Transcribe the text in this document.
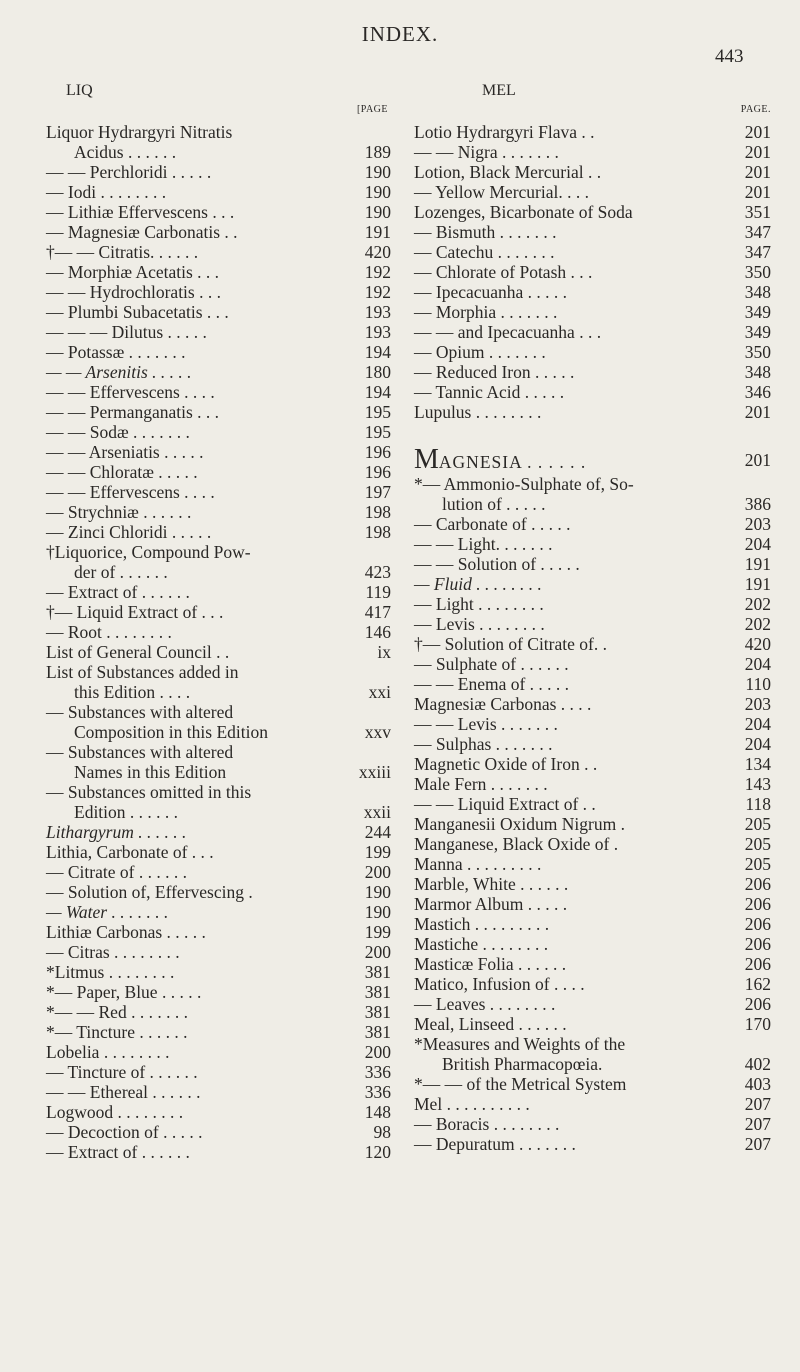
INDEX.
443
LIQ
[PAGE
Liquor Hydrargyri Nitratis
Acidus . . . . . .	189
— — Perchloridi . . . . .	190
— Iodi . . . . . . . .	190
— Lithiæ Effervescens . . .	190
— Magnesiæ Carbonatis . .	191
†— — Citratis. . . . . .	420
— Morphiæ Acetatis . . .	192
— — Hydrochloratis . . .	192
— Plumbi Subacetatis . . .	193
— — — Dilutus . . . . .	193
— Potassæ . . . . . . .	194
— — Arsenitis . . . . .	180
— — Effervescens . . . .	194
— — Permanganatis . . .	195
— — Sodæ . . . . . . .	195
— — Arseniatis . . . . .	196
— — Chloratæ . . . . .	196
— — Effervescens . . . .	197
— Strychniæ . . . . . .	198
— Zinci Chloridi . . . . .	198
†Liquorice, Compound Pow-
der of . . . . . .	423
— Extract of . . . . . .	119
†— Liquid Extract of . . .	417
— Root . . . . . . . .	146
List of General Council . .	ix
List of Substances added in
this Edition . . . .	xxi
— Substances with altered
Composition in this Edition	xxv
— Substances with altered
Names in this Edition	xxiii
— Substances omitted in this
Edition . . . . . .	xxii
Lithargyrum . . . . . .	244
Lithia, Carbonate of . . .	199
— Citrate of . . . . . .	200
— Solution of, Effervescing .	190
— Water . . . . . . .	190
Lithiæ Carbonas . . . . .	199
— Citras . . . . . . . .	200
*Litmus . . . . . . . .	381
*— Paper, Blue . . . . .	381
*— — Red . . . . . . .	381
*— Tincture . . . . . .	381
Lobelia . . . . . . . .	200
— Tincture of . . . . . .	336
— — Ethereal . . . . . .	336
Logwood . . . . . . . .	148
— Decoction of . . . . .	98
— Extract of . . . . . .	120
MEL
PAGE.
Lotio Hydrargyri Flava . .	201
— — Nigra . . . . . . .	201
Lotion, Black Mercurial . .	201
— Yellow Mercurial. . . .	201
Lozenges, Bicarbonate of Soda	351
— Bismuth . . . . . . .	347
— Catechu . . . . . . .	347
— Chlorate of Potash . . .	350
— Ipecacuanha . . . . .	348
— Morphia . . . . . . .	349
— — and Ipecacuanha . . .	349
— Opium . . . . . . .	350
— Reduced Iron . . . . .	348
— Tannic Acid . . . . .	346
Lupulus . . . . . . . .	201
MAGNESIA . . . . . .	201
*— Ammonio-Sulphate of, So-
lution of . . . . .	386
— Carbonate of . . . . .	203
— — Light. . . . . . .	204
— — Solution of . . . . .	191
— Fluid . . . . . . . .	191
— Light . . . . . . . .	202
— Levis . . . . . . . .	202
†— Solution of Citrate of. .	420
— Sulphate of . . . . . .	204
— — Enema of . . . . .	110
Magnesiæ Carbonas . . . .	203
— — Levis . . . . . . .	204
— Sulphas . . . . . . .	204
Magnetic Oxide of Iron . .	134
Male Fern . . . . . . .	143
— — Liquid Extract of . .	118
Manganesii Oxidum Nigrum .	205
Manganese, Black Oxide of .	205
Manna . . . . . . . . .	205
Marble, White . . . . . .	206
Marmor Album . . . . .	206
Mastich . . . . . . . . .	206
Mastiche . . . . . . . .	206
Masticæ Folia . . . . . .	206
Matico, Infusion of . . . .	162
— Leaves . . . . . . . .	206
Meal, Linseed . . . . . .	170
*Measures and Weights of the
British Pharmacopœia.	402
*— — of the Metrical System	403
Mel . . . . . . . . . .	207
— Boracis . . . . . . . .	207
— Depuratum . . . . . . .	207
